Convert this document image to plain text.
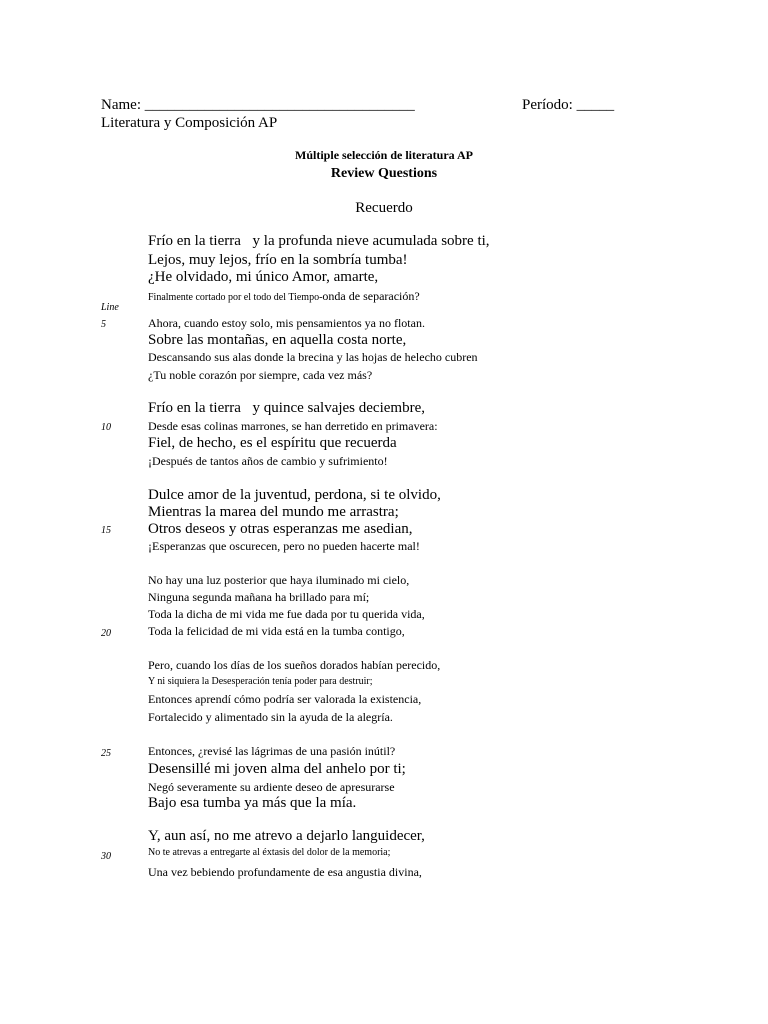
Name: ____________________________________	Período: _____
Literatura y Composición AP
Múltiple selección de literatura AP
Review Questions
Recuerdo
Line
5
10
15
20
25
30
Frío en la tierra y la profunda nieve acumulada sobre ti,
Lejos, muy lejos, frío en la sombría tumba!
¿He olvidado, mi único Amor, amarte,
Finalmente cortado por el todo del Tiempo-onda de separación?
Ahora, cuando estoy solo, mis pensamientos ya no flotan.
Sobre las montañas, en aquella costa norte,
Descansando sus alas donde la brecina y las hojas de helecho cubren
¿Tu noble corazón por siempre, cada vez más?
Frío en la tierra y quince salvajes deciembre,
Desde esas colinas marrones, se han derretido en primavera:
Fiel, de hecho, es el espíritu que recuerda
¡Después de tantos años de cambio y sufrimiento!
Dulce amor de la juventud, perdona, si te olvido,
Mientras la marea del mundo me arrastra;
Otros deseos y otras esperanzas me asedian,
¡Esperanzas que oscurecen, pero no pueden hacerte mal!
No hay una luz posterior que haya iluminado mi cielo,
Ninguna segunda mañana ha brillado para mí;
Toda la dicha de mi vida me fue dada por tu querida vida,
Toda la felicidad de mi vida está en la tumba contigo,
Pero, cuando los días de los sueños dorados habían perecido,
Y ni siquiera la Desesperación tenía poder para destruir;
Entonces aprendí cómo podría ser valorada la existencia,
Fortalecido y alimentado sin la ayuda de la alegría.
Entonces, ¿revisé las lágrimas de una pasión inútil?
Desensillé mi joven alma del anhelo por ti;
Negó severamente su ardiente deseo de apresurarse
Bajo esa tumba ya más que la mía.
Y, aun así, no me atrevo a dejarlo languidecer,
No te atrevas a entregarte al éxtasis del dolor de la memoria;
Una vez bebiendo profundamente de esa angustia divina,
